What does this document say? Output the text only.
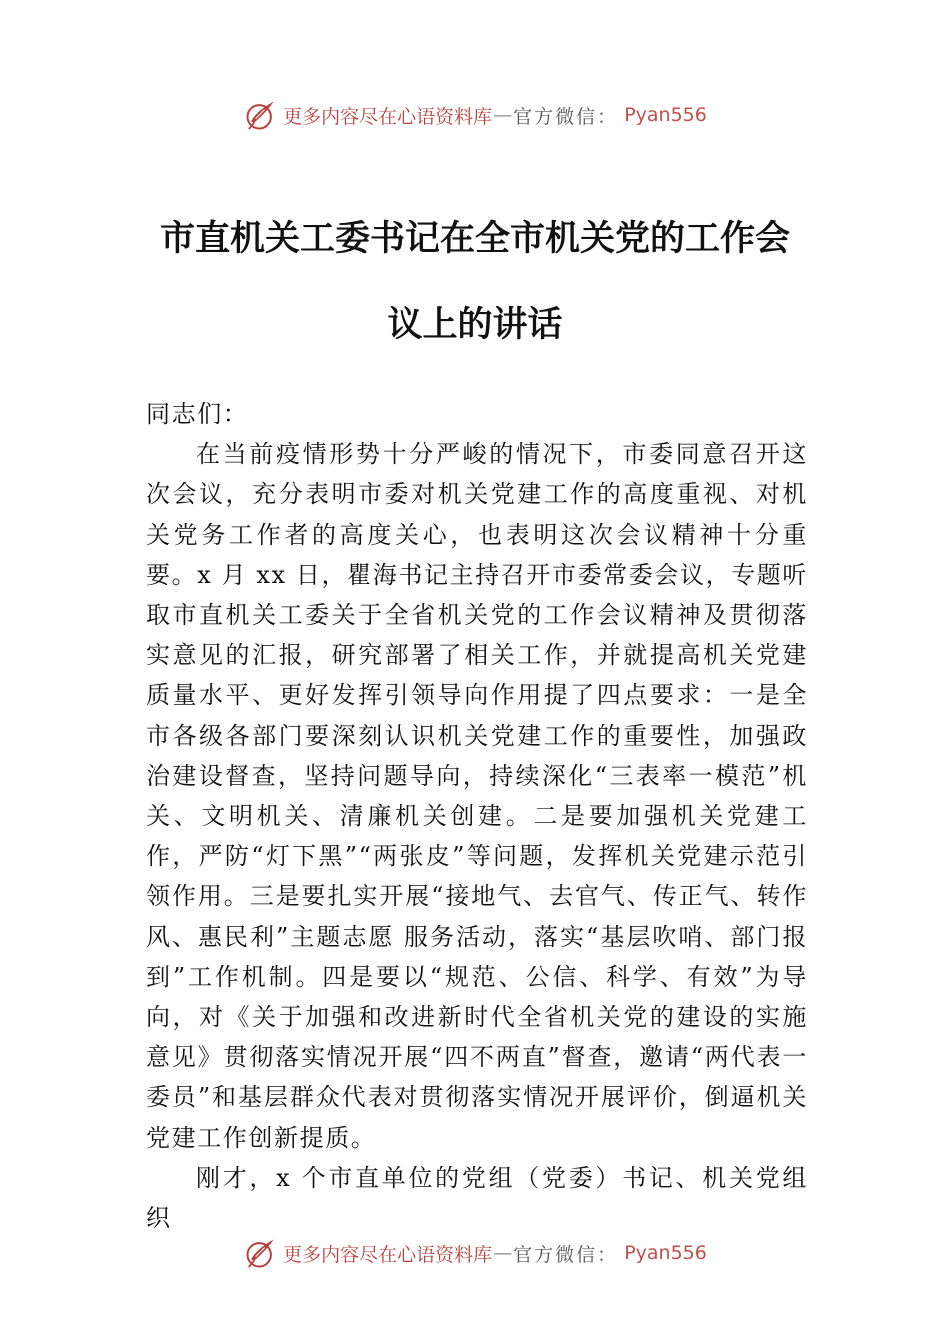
更多内容尽在心语资料库 — 官方微信： Pyan556
市直机关工委书记在全市机关党的工作会
议上的讲话

同志们：

在当前疫情形势十分严峻的情况下，市委同意召开这次会议，充分表明市委对机关党建工作的高度重视、对机关党务工作者的高度关心，也表明这次会议精神十分重要。x 月 xx 日，瞿海书记主持召开市委常委会议，专题听取市直机关工委关于全省机关党的工作会议精神及贯彻落实意见的汇报，研究部署了相关工作，并就提高机关党建质量水平、更好发挥引领导向作用提了四点要求：一是全市各级各部门要深刻认识机关党建工作的重要性，加强政治建设督查，坚持问题导向，持续深化“三表率一模范”机关、文明机关、清廉机关创建。二是要加强机关党建工作，严防“灯下黑”“两张皮”等问题，发挥机关党建示范引领作用。三是要扎实开展“接地气、去官气、传正气、转作风、惠民利”主题志愿 服务活动，落实“基层吹哨、部门报到”工作机制。四是要以“规范、公信、科学、有效”为导向，对《关于加强和改进新时代全省机关党的建设的实施意见》贯彻落实情况开展“四不两直”督查，邀请“两代表一委员”和基层群众代表对贯彻落实情况开展评价，倒逼机关党建工作创新提质。

刚才，x 个市直单位的党组（党委）书记、机关党组织

更多内容尽在心语资料库 — 官方微信： Pyan556
